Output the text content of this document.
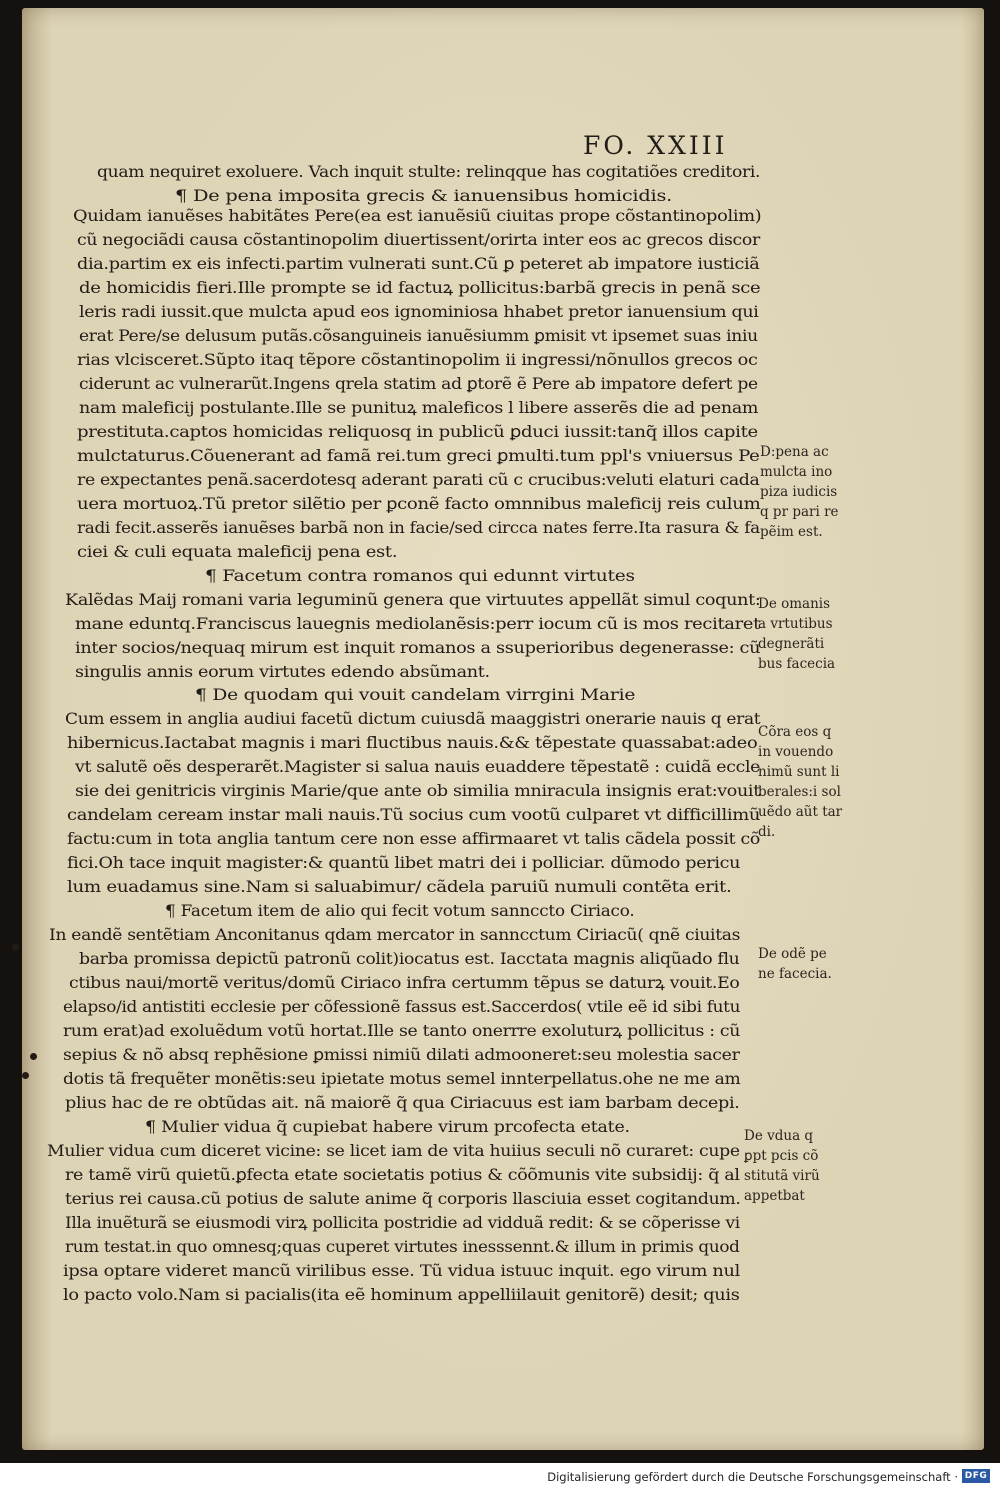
FO. XXIII
quam nequiret exoluere. Vach inquit stulte: relinqque has cogitatiões creditori.
¶ De pena imposita grecis & ianuensibus homicidis.
Quidam ianuẽses habitãtes Pere(ea est ianuẽsiũ ciuitas prope cõstantinopolim)
cũ negociãdi causa cõstantinopolim diuertissent/orirta inter eos ac grecos discor
dia.partim ex eis infecti.partim vulnerati sunt.Cũ ꝑ peteret ab impatore iusticiã
de homicidis fieri.Ille prompte se id factuꝝ pollicitus:barbã grecis in penã sce
leris radi iussit.que mulcta apud eos ignominiosa hhabet pretor ianuensium qui
erat Pere/se delusum putãs.cõsanguineis ianuẽsiumm ꝑmisit vt ipsemet suas iniu
rias vlcisceret.Sũpto itaq tẽpore cõstantinopolim ii ingressi/nõnullos grecos oc
ciderunt ac vulnerarũt.Ingens qrela statim ad ꝑtorẽ ẽ Pere ab impatore defert pe
nam maleficij postulante.Ille se punituꝝ maleficos l libere asserẽs die ad penam
prestituta.captos homicidas reliquosq in publicũ ꝑduci iussit:tanq̃ illos capite
mulctaturus.Cõuenerant ad famã rei.tum greci ꝑmulti.tum ppl's vniuersus Pe
re expectantes penã.sacerdotesq aderant parati cũ c crucibus:veluti elaturi cada
uera mortuoꝝ.Tũ pretor silẽtio per ꝑconẽ facto omnnibus maleficij reis culum
radi fecit.asserẽs ianuẽses barbã non in facie/sed circca nates ferre.Ita rasura & fa
ciei & culi equata maleficij pena est.
¶ Facetum contra romanos qui edunnt virtutes
Kalẽdas Maij romani varia leguminũ genera que virtuutes appellãt simul coqunt:
mane eduntq.Franciscus lauegnis mediolanẽsis:perr iocum cũ is mos recitaret
inter socios/nequaq mirum est inquit romanos a ssuperioribus degenerasse: cũ
singulis annis eorum virtutes edendo absũmant.
¶ De quodam qui vouit candelam virrgini Marie
Cum essem in anglia audiui facetũ dictum cuiusdã maaggistri onerarie nauis q erat
hibernicus.Iactabat magnis i mari fluctibus nauis.&& tẽpestate quassabat:adeo
vt salutẽ oẽs desperarẽt.Magister si salua nauis euaddere tẽpestatẽ : cuidã eccle
sie dei genitricis virginis Marie/que ante ob similia mniracula insignis erat:vouit
candelam ceream instar mali nauis.Tũ socius cum vootũ culparet vt difficillimũ
factu:cum in tota anglia tantum cere non esse affirmaaret vt talis cãdela possit cõ
fici.Oh tace inquit magister:& quantũ libet matri dei i polliciar. dũmodo pericu
lum euadamus sine.Nam si saluabimur/ cãdela paruiũ numuli contẽta erit.
¶ Facetum item de alio qui fecit votum sannccto Ciriaco.
In eandẽ sentẽtiam Anconitanus qdam mercator in sanncctum Ciriacũ( qnẽ ciuitas
barba promissa depictũ patronũ colit)iocatus est. Iacctata magnis aliqũado flu
ctibus naui/mortẽ veritus/domũ Ciriaco infra certumm tẽpus se daturꝝ vouit.Eo
elapso/id antistiti ecclesie per cõfessionẽ fassus est.Saccerdos( vtile eẽ id sibi futu
rum erat)ad exoluẽdum votũ hortat.Ille se tanto onerrre exoluturꝝ pollicitus : cũ
sepius & nõ absq rephẽsione ꝑmissi nimiũ dilati admooneret:seu molestia sacer
dotis tã frequẽter monẽtis:seu ipietate motus semel innterpellatus.ohe ne me am
plius hac de re obtũdas ait. nã maiorẽ q̃ qua Ciriacuus est iam barbam decepi.
¶ Mulier vidua q̃ cupiebat habere virum prcofecta etate.
Mulier vidua cum diceret vicine: se licet iam de vita huiius seculi nõ curaret: cupe
re tamẽ virũ quietũ.ꝑfecta etate societatis potius & cõõmunis vite subsidij: q̃ al
terius rei causa.cũ potius de salute anime q̃ corporis llasciuia esset cogitandum.
Illa inuẽturã se eiusmodi virꝝ pollicita postridie ad vidduã redit: & se cõperisse vi
rum testat.in quo omnesq;quas cuperet virtutes inesssennt.& illum in primis quod
ipsa optare videret mancũ virilibus esse. Tũ vidua istuuc inquit. ego virum nul
lo pacto volo.Nam si pacialis(ita eẽ hominum appelliilauit genitorẽ) desit; quis
D:pena ac
mulcta ino
piza iudicis
q pr pari re
pẽim est.
De omanis
a vrtutibus
degnerãti
bus facecia
Cõra eos q
in vouendo
nimũ sunt li
berales:i sol
uẽdo aũt tar
di.
De odẽ pe
ne facecia.
De vdua q
ꝑpt pcis cõ
stitutã virũ
appetbat
Digitalisierung gefördert durch die Deutsche Forschungsgemeinschaft · DFG
